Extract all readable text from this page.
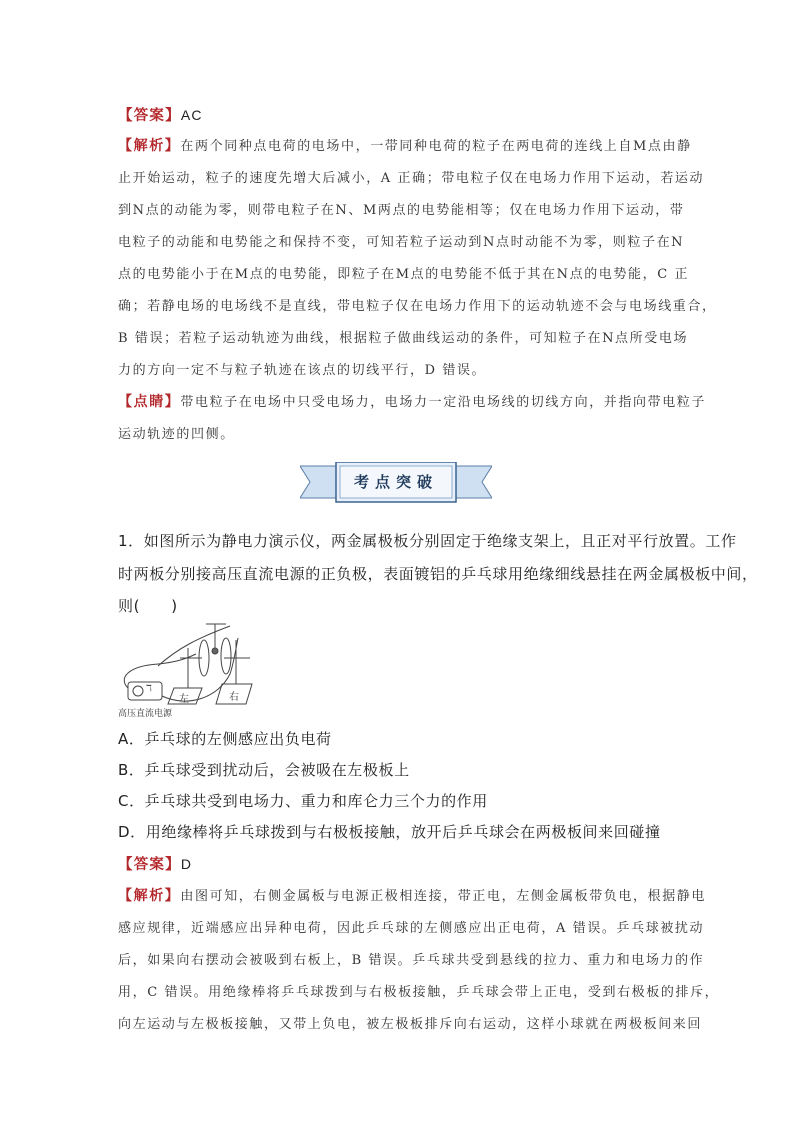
【答案】AC
【解析】在两个同种点电荷的电场中，一带同种电荷的粒子在两电荷的连线上自M点由静
止开始运动，粒子的速度先增大后减小，A 正确；带电粒子仅在电场力作用下运动，若运动
到N点的动能为零，则带电粒子在N、M两点的电势能相等；仅在电场力作用下运动，带
电粒子的动能和电势能之和保持不变，可知若粒子运动到N点时动能不为零，则粒子在N
点的电势能小于在M点的电势能，即粒子在M点的电势能不低于其在N点的电势能，C 正
确；若静电场的电场线不是直线，带电粒子仅在电场力作用下的运动轨迹不会与电场线重合，
B 错误；若粒子运动轨迹为曲线，根据粒子做曲线运动的条件，可知粒子在N点所受电场
力的方向一定不与粒子轨迹在该点的切线平行，D 错误。
【点睛】带电粒子在电场中只受电场力，电场力一定沿电场线的切线方向，并指向带电粒子
运动轨迹的凹侧。
考点突破
1．如图所示为静电力演示仪，两金属极板分别固定于绝缘支架上，且正对平行放置。工作
时两板分别接高压直流电源的正负极，表面镀铝的乒乓球用绝缘细线悬挂在两金属极板中间，
则(　　)
ℸ
左	右
高压直流电源
A．乒乓球的左侧感应出负电荷
B．乒乓球受到扰动后，会被吸在左极板上
C．乒乓球共受到电场力、重力和库仑力三个力的作用
D．用绝缘棒将乒乓球拨到与右极板接触，放开后乒乓球会在两极板间来回碰撞
【答案】D
【解析】由图可知，右侧金属板与电源正极相连接，带正电，左侧金属板带负电，根据静电
感应规律，近端感应出异种电荷，因此乒乓球的左侧感应出正电荷，A 错误。乒乓球被扰动
后，如果向右摆动会被吸到右板上，B 错误。乒乓球共受到悬线的拉力、重力和电场力的作
用，C 错误。用绝缘棒将乒乓球拨到与右极板接触，乒乓球会带上正电，受到右极板的排斥，
向左运动与左极板接触，又带上负电，被左极板排斥向右运动，这样小球就在两极板间来回
